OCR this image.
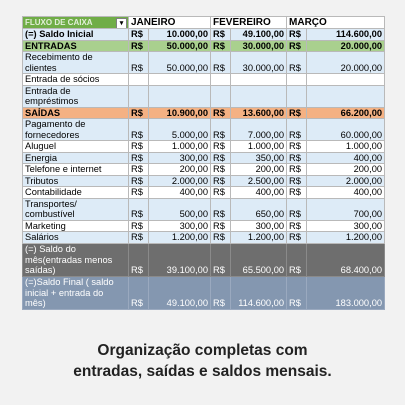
FLUXO DE CAIXA ▾	JANEIRO		FEVEREIRO		MARÇO	
(=) Saldo Inicial	R$	10.000,00	R$	49.100,00	R$	114.600,00
ENTRADAS	R$	50.000,00	R$	30.000,00	R$	20.000,00
Recebimento de clientes	R$	50.000,00	R$	30.000,00	R$	20.000,00
Entrada de sócios						
Entrada de empréstimos						
SAÍDAS	R$	10.900,00	R$	13.600,00	R$	66.200,00
Pagamento de fornecedores	R$	5.000,00	R$	7.000,00	R$	60.000,00
Aluguel	R$	1.000,00	R$	1.000,00	R$	1.000,00
Energia	R$	300,00	R$	350,00	R$	400,00
Telefone e internet	R$	200,00	R$	200,00	R$	200,00
Tributos	R$	2.000,00	R$	2.500,00	R$	2.000,00
Contabilidade	R$	400,00	R$	400,00	R$	400,00
Transportes/ combustível	R$	500,00	R$	650,00	R$	700,00
Marketing	R$	300,00	R$	300,00	R$	300,00
Salários	R$	1.200,00	R$	1.200,00	R$	1.200,00
(=) Saldo do mês(entradas menos saídas)	R$	39.100,00	R$	65.500,00	R$	68.400,00
(=)Saldo Final ( saldo inicial + entrada do mês)	R$	49.100,00	R$	114.600,00	R$	183.000,00
Organização completas com
entradas, saídas e saldos mensais.
